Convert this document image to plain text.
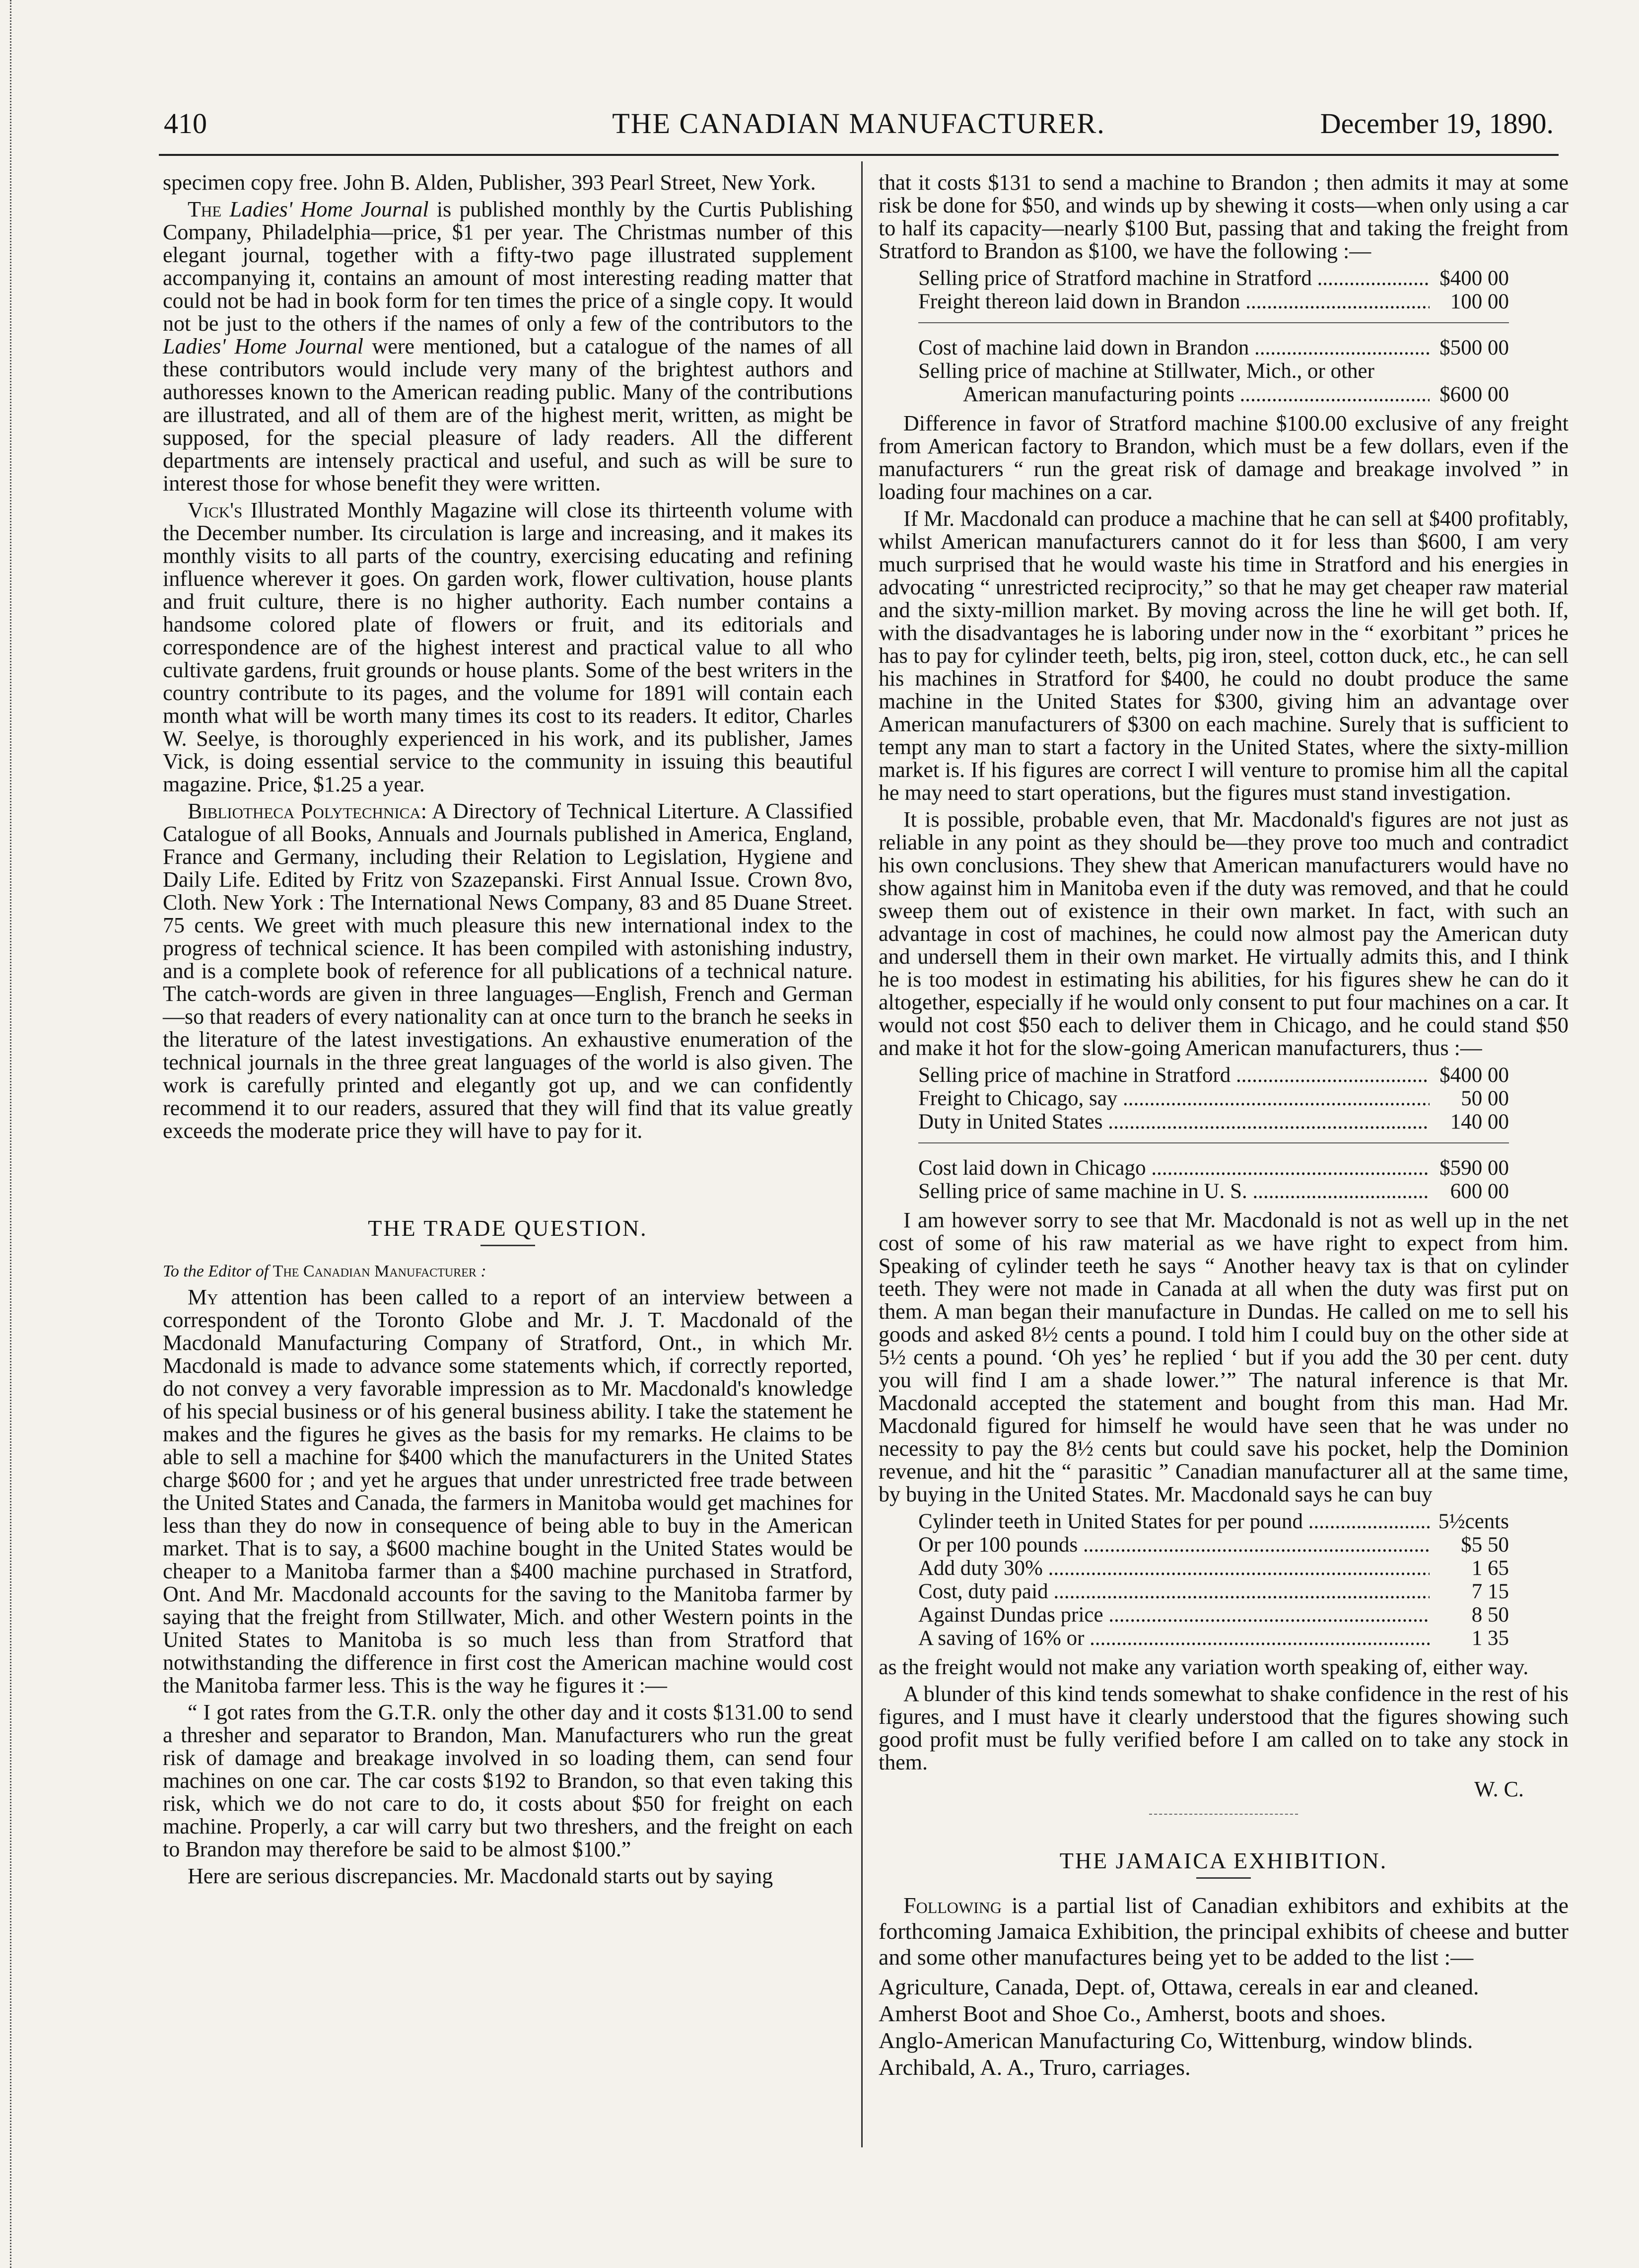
410	THE CANADIAN MANUFACTURER.	December 19, 1890.

specimen copy free. John B. Alden, Publisher, 393 Pearl Street, New York.

The Ladies' Home Journal is published monthly by the Curtis Publishing Company, Philadelphia—price, $1 per year. The Christmas number of this elegant journal, together with a fifty-two page illustrated supplement accompanying it, contains an amount of most interesting reading matter that could not be had in book form for ten times the price of a single copy. It would not be just to the others if the names of only a few of the contributors to the Ladies' Home Journal were mentioned, but a catalogue of the names of all these contributors would include very many of the brightest authors and authoresses known to the American reading public. Many of the contributions are illustrated, and all of them are of the highest merit, written, as might be supposed, for the special pleasure of lady readers. All the different departments are intensely practical and useful, and such as will be sure to interest those for whose benefit they were written.

Vick's Illustrated Monthly Magazine will close its thirteenth volume with the December number. Its circulation is large and increasing, and it makes its monthly visits to all parts of the country, exercising educating and refining influence wherever it goes. On garden work, flower cultivation, house plants and fruit culture, there is no higher authority. Each number contains a handsome colored plate of flowers or fruit, and its editorials and correspondence are of the highest interest and practical value to all who cultivate gardens, fruit grounds or house plants. Some of the best writers in the country contribute to its pages, and the volume for 1891 will contain each month what will be worth many times its cost to its readers. It editor, Charles W. Seelye, is thoroughly experienced in his work, and its publisher, James Vick, is doing essential service to the community in issuing this beautiful magazine. Price, $1.25 a year.

Bibliotheca Polytechnica: A Directory of Technical Literture. A Classified Catalogue of all Books, Annuals and Journals published in America, England, France and Germany, including their Relation to Legislation, Hygiene and Daily Life. Edited by Fritz von Szazepanski. First Annual Issue. Crown 8vo, Cloth. New York : The International News Company, 83 and 85 Duane Street. 75 cents. We greet with much pleasure this new international index to the progress of technical science. It has been compiled with astonishing industry, and is a complete book of reference for all publications of a technical nature. The catch-words are given in three languages—English, French and German—so that readers of every nationality can at once turn to the branch he seeks in the literature of the latest investigations. An exhaustive enumeration of the technical journals in the three great languages of the world is also given. The work is carefully printed and elegantly got up, and we can confidently recommend it to our readers, assured that they will find that its value greatly exceeds the moderate price they will have to pay for it.

THE TRADE QUESTION.

To the Editor of The Canadian Manufacturer :

My attention has been called to a report of an interview between a correspondent of the Toronto Globe and Mr. J. T. Macdonald of the Macdonald Manufacturing Company of Stratford, Ont., in which Mr. Macdonald is made to advance some statements which, if correctly reported, do not convey a very favorable impression as to Mr. Macdonald's knowledge of his special business or of his general business ability. I take the statement he makes and the figures he gives as the basis for my remarks. He claims to be able to sell a machine for $400 which the manufacturers in the United States charge $600 for ; and yet he argues that under unrestricted free trade between the United States and Canada, the farmers in Manitoba would get machines for less than they do now in consequence of being able to buy in the American market. That is to say, a $600 machine bought in the United States would be cheaper to a Manitoba farmer than a $400 machine purchased in Stratford, Ont. And Mr. Macdonald accounts for the saving to the Manitoba farmer by saying that the freight from Stillwater, Mich. and other Western points in the United States to Manitoba is so much less than from Stratford that notwithstanding the difference in first cost the American machine would cost the Manitoba farmer less. This is the way he figures it :—

“ I got rates from the G.T.R. only the other day and it costs $131.00 to send a thresher and separator to Brandon, Man. Manufacturers who run the great risk of damage and breakage involved in so loading them, can send four machines on one car. The car costs $192 to Brandon, so that even taking this risk, which we do not care to do, it costs about $50 for freight on each machine. Properly, a car will carry but two threshers, and the freight on each to Brandon may therefore be said to be almost $100.”

Here are serious discrepancies. Mr. Macdonald starts out by saying

that it costs $131 to send a machine to Brandon ; then admits it may at some risk be done for $50, and winds up by shewing it costs—when only using a car to half its capacity—nearly $100 But, passing that and taking the freight from Stratford to Brandon as $100, we have the following :—

Selling price of Stratford machine in Stratford .....	$400 00
Freight thereon laid down in Brandon .....	100 00
Cost of machine laid down in Brandon .....	$500 00
Selling price of machine at Stillwater, Mich., or other
American manufacturing points .....	$600 00

Difference in favor of Stratford machine $100.00 exclusive of any freight from American factory to Brandon, which must be a few dollars, even if the manufacturers “ run the great risk of damage and breakage involved ” in loading four machines on a car.

If Mr. Macdonald can produce a machine that he can sell at $400 profitably, whilst American manufacturers cannot do it for less than $600, I am very much surprised that he would waste his time in Stratford and his energies in advocating “ unrestricted reciprocity,” so that he may get cheaper raw material and the sixty-million market. By moving across the line he will get both. If, with the disadvantages he is laboring under now in the “ exorbitant ” prices he has to pay for cylinder teeth, belts, pig iron, steel, cotton duck, etc., he can sell his machines in Stratford for $400, he could no doubt produce the same machine in the United States for $300, giving him an advantage over American manufacturers of $300 on each machine. Surely that is sufficient to tempt any man to start a factory in the United States, where the sixty-million market is. If his figures are correct I will venture to promise him all the capital he may need to start operations, but the figures must stand investigation.

It is possible, probable even, that Mr. Macdonald's figures are not just as reliable in any point as they should be—they prove too much and contradict his own conclusions. They shew that American manufacturers would have no show against him in Manitoba even if the duty was removed, and that he could sweep them out of existence in their own market. In fact, with such an advantage in cost of machines, he could now almost pay the American duty and undersell them in their own market. He virtually admits this, and I think he is too modest in estimating his abilities, for his figures shew he can do it altogether, especially if he would only consent to put four machines on a car. It would not cost $50 each to deliver them in Chicago, and he could stand $50 and make it hot for the slow-going American manufacturers, thus :—

Selling price of machine in Stratford .....	$400 00
Freight to Chicago, say .....	50 00
Duty in United States .....	140 00
Cost laid down in Chicago .....	$590 00
Selling price of same machine in U. S. .....	600 00

I am however sorry to see that Mr. Macdonald is not as well up in the net cost of some of his raw material as we have right to expect from him. Speaking of cylinder teeth he says “ Another heavy tax is that on cylinder teeth. They were not made in Canada at all when the duty was first put on them. A man began their manufacture in Dundas. He called on me to sell his goods and asked 8½ cents a pound. I told him I could buy on the other side at 5½ cents a pound. ‘Oh yes’ he replied ‘ but if you add the 30 per cent. duty you will find I am a shade lower.’” The natural inference is that Mr. Macdonald accepted the statement and bought from this man. Had Mr. Macdonald figured for himself he would have seen that he was under no necessity to pay the 8½ cents but could save his pocket, help the Dominion revenue, and hit the “ parasitic ” Canadian manufacturer all at the same time, by buying in the United States. Mr. Macdonald says he can buy

Cylinder teeth in United States for per pound .....	5½cents
Or per 100 pounds .....	$5 50
Add duty 30% .....	1 65
Cost, duty paid .....	7 15
Against Dundas price .....	8 50
A saving of 16% or .....	1 35

as the freight would not make any variation worth speaking of, either way.

A blunder of this kind tends somewhat to shake confidence in the rest of his figures, and I must have it clearly understood that the figures showing such good profit must be fully verified before I am called on to take any stock in them.

W. C.

THE JAMAICA EXHIBITION.

Following is a partial list of Canadian exhibitors and exhibits at the forthcoming Jamaica Exhibition, the principal exhibits of cheese and butter and some other manufactures being yet to be added to the list :—

Agriculture, Canada, Dept. of, Ottawa, cereals in ear and cleaned.

Amherst Boot and Shoe Co., Amherst, boots and shoes.

Anglo-American Manufacturing Co, Wittenburg, window blinds.

Archibald, A. A., Truro, carriages.
